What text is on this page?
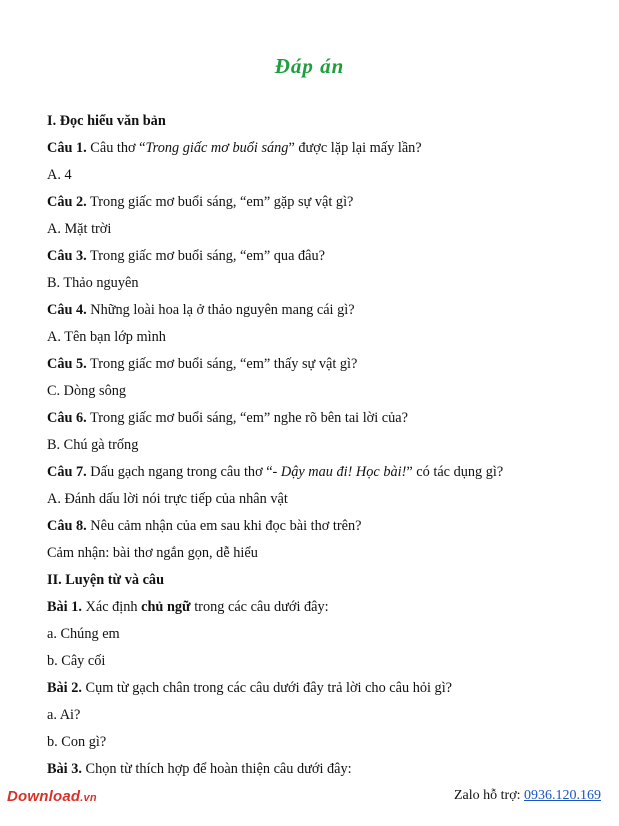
Đáp án
I. Đọc hiểu văn bản
Câu 1. Câu thơ “Trong giấc mơ buổi sáng” được lặp lại mấy lần?
A. 4
Câu 2. Trong giấc mơ buổi sáng, “em” gặp sự vật gì?
A. Mặt trời
Câu 3. Trong giấc mơ buổi sáng, “em” qua đâu?
B. Thảo nguyên
Câu 4. Những loài hoa lạ ở thảo nguyên mang cái gì?
A. Tên bạn lớp mình
Câu 5. Trong giấc mơ buổi sáng, “em” thấy sự vật gì?
C. Dòng sông
Câu 6. Trong giấc mơ buổi sáng, “em” nghe rõ bên tai lời của?
B. Chú gà trống
Câu 7. Dấu gạch ngang trong câu thơ “- Dậy mau đi! Học bài!” có tác dụng gì?
A. Đánh dấu lời nói trực tiếp của nhân vật
Câu 8. Nêu cảm nhận của em sau khi đọc bài thơ trên?
Cảm nhận: bài thơ ngắn gọn, dễ hiểu
II. Luyện từ và câu
Bài 1. Xác định chủ ngữ trong các câu dưới đây:
a. Chúng em
b. Cây cối
Bài 2. Cụm từ gạch chân trong các câu dưới đây trả lời cho câu hỏi gì?
a. Ai?
b. Con gì?
Bài 3. Chọn từ thích hợp để hoàn thiện câu dưới đây:
Download.vn	Zalo hỗ trợ: 0936.120.169
